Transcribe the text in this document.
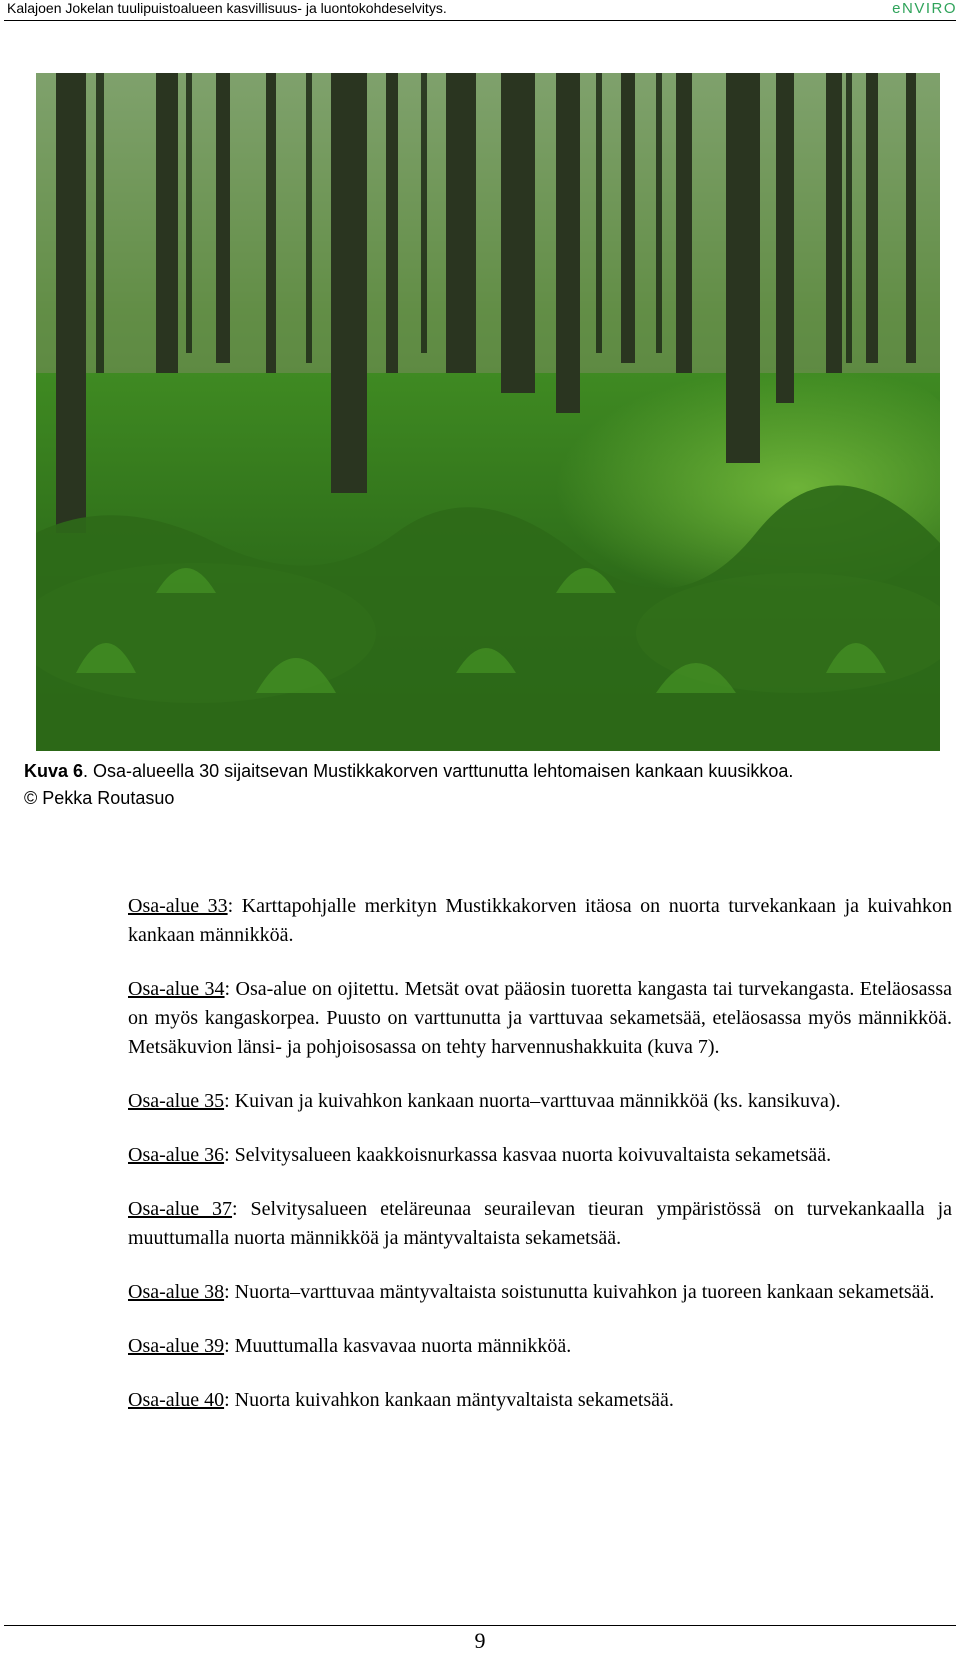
Kalajoen Jokelan tuulipuistoalueen kasvillisuus- ja luontokohdeselvitys.	eNVIRO
Kuva 6. Osa-alueella 30 sijaitsevan Mustikkakorven varttunutta lehtomaisen kankaan kuusikkoa.
© Pekka Routasuo

Osa-alue 33: Karttapohjalle merkityn Mustikkakorven itäosa on nuorta turvekankaan ja kuivahkon kankaan männikköä.

Osa-alue 34: Osa-alue on ojitettu. Metsät ovat pääosin tuoretta kangasta tai turvekangasta. Eteläosassa on myös kangaskorpea. Puusto on varttunutta ja varttuvaa sekametsää, eteläosassa myös männikköä. Metsäkuvion länsi- ja pohjoisosassa on tehty harvennushakkuita (kuva 7).

Osa-alue 35: Kuivan ja kuivahkon kankaan nuorta–varttuvaa männikköä (ks. kansikuva).

Osa-alue 36: Selvitysalueen kaakkoisnurkassa kasvaa nuorta koivuvaltaista sekametsää.

Osa-alue 37: Selvitysalueen eteläreunaa seurailevan tieuran ympäristössä on turvekankaalla ja muuttumalla nuorta männikköä ja mäntyvaltaista sekametsää.

Osa-alue 38: Nuorta–varttuvaa mäntyvaltaista soistunutta kuivahkon ja tuoreen kankaan sekametsää.

Osa-alue 39: Muuttumalla kasvavaa nuorta männikköä.

Osa-alue 40: Nuorta kuivahkon kankaan mäntyvaltaista sekametsää.

9
